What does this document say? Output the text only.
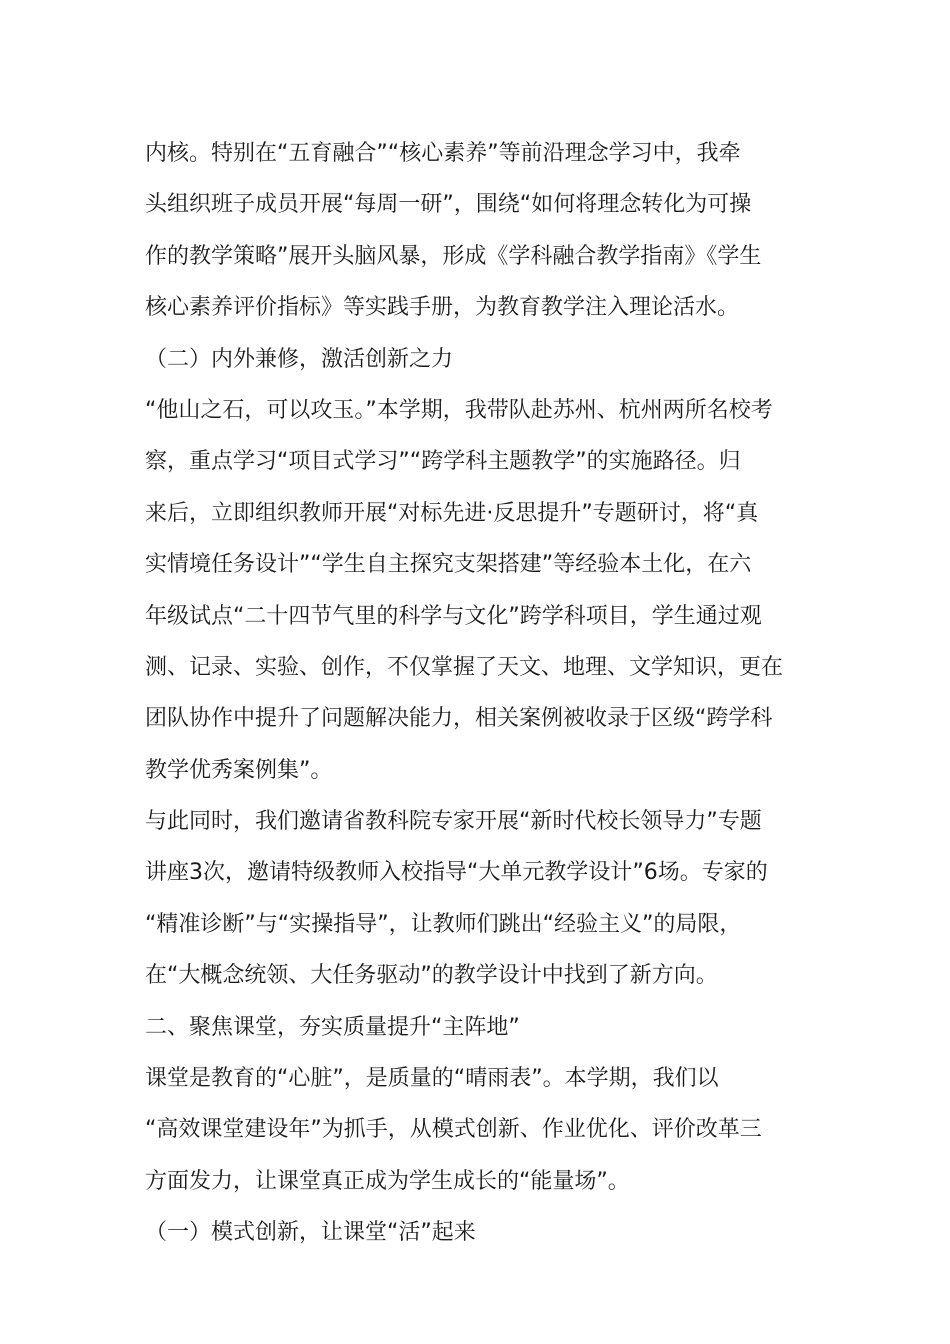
内核。特别在“五育融合”“核心素养”等前沿理念学习中，我牵
头组织班子成员开展“每周一研”，围绕“如何将理念转化为可操
作的教学策略”展开头脑风暴，形成《学科融合教学指南》《学生
核心素养评价指标》等实践手册，为教育教学注入理论活水。
（二）内外兼修，激活创新之力
“他山之石，可以攻玉。”本学期，我带队赴苏州、杭州两所名校考
察，重点学习“项目式学习”“跨学科主题教学”的实施路径。归
来后，立即组织教师开展“对标先进·反思提升”专题研讨，将“真
实情境任务设计”“学生自主探究支架搭建”等经验本土化，在六
年级试点“二十四节气里的科学与文化”跨学科项目，学生通过观
测、记录、实验、创作，不仅掌握了天文、地理、文学知识，更在
团队协作中提升了问题解决能力，相关案例被收录于区级“跨学科
教学优秀案例集”。
与此同时，我们邀请省教科院专家开展“新时代校长领导力”专题
讲座3次，邀请特级教师入校指导“大单元教学设计”6场。专家的
“精准诊断”与“实操指导”，让教师们跳出“经验主义”的局限，
在“大概念统领、大任务驱动”的教学设计中找到了新方向。
二、聚焦课堂，夯实质量提升“主阵地”
课堂是教育的“心脏”，是质量的“晴雨表”。本学期，我们以
“高效课堂建设年”为抓手，从模式创新、作业优化、评价改革三
方面发力，让课堂真正成为学生成长的“能量场”。
（一）模式创新，让课堂“活”起来
